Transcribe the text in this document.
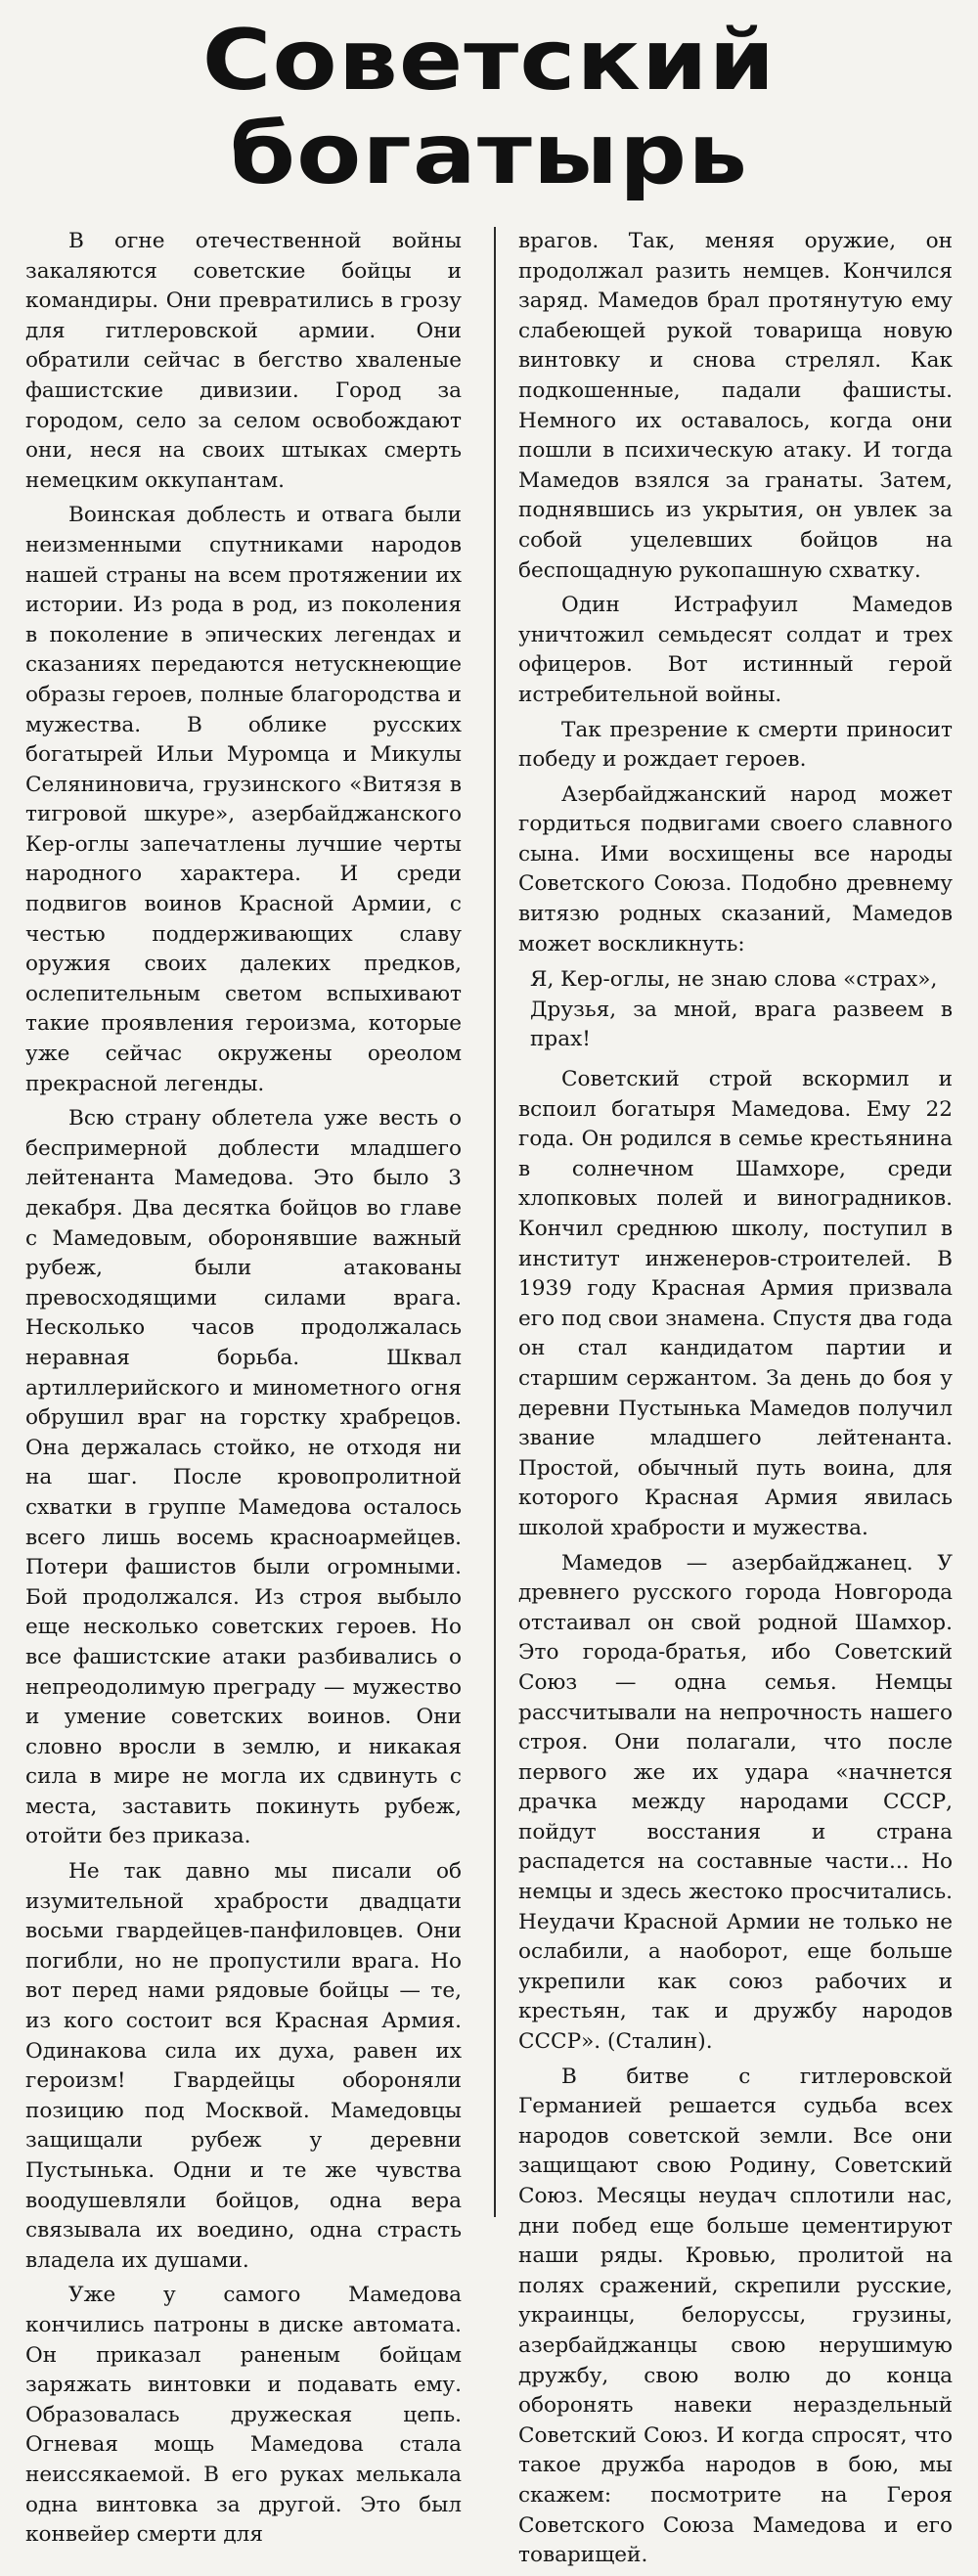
Советский
богатырь

В огне отечественной войны закаляются советские бойцы и командиры. Они превратились в грозу для гитлеровской армии. Они обратили сейчас в бегство хваленые фашистские дивизии. Город за городом, село за селом освобождают они, неся на своих штыках смерть немецким оккупантам.

Воинская доблесть и отвага были неизменными спутниками народов нашей страны на всем протяжении их истории. Из рода в род, из поколения в поколение в эпических легендах и сказаниях передаются нетускнеющие образы героев, полные благородства и мужества. В облике русских богатырей Ильи Муромца и Микулы Селяниновича, грузинского «Витязя в тигровой шкуре», азербайджанского Кер-оглы запечатлены лучшие черты народного характера. И среди подвигов воинов Красной Армии, с честью поддерживающих славу оружия своих далеких предков, ослепительным светом вспыхивают такие проявления героизма, которые уже сейчас окружены ореолом прекрасной легенды.

Всю страну облетела уже весть о беспримерной доблести младшего лейтенанта Мамедова. Это было 3 декабря. Два десятка бойцов во главе с Мамедовым, оборонявшие важный рубеж, были атакованы превосходящими силами врага. Несколько часов продолжалась неравная борьба. Шквал артиллерийского и минометного огня обрушил враг на горстку храбрецов. Она держалась стойко, не отходя ни на шаг. После кровопролитной схватки в группе Мамедова осталось всего лишь восемь красноармейцев. Потери фашистов были огромными. Бой продолжался. Из строя выбыло еще несколько советских героев. Но все фашистские атаки разбивались о непреодолимую преграду — мужество и умение советских воинов. Они словно вросли в землю, и никакая сила в мире не могла их сдвинуть с места, заставить покинуть рубеж, отойти без приказа.

Не так давно мы писали об изумительной храбрости двадцати восьми гвардейцев-панфиловцев. Они погибли, но не пропустили врага. Но вот перед нами рядовые бойцы — те, из кого состоит вся Красная Армия. Одинакова сила их духа, равен их героизм! Гвардейцы обороняли позицию под Москвой. Мамедовцы защищали рубеж у деревни Пустынька. Одни и те же чувства воодушевляли бойцов, одна вера связывала их воедино, одна страсть владела их душами.

Уже у самого Мамедова кончились патроны в диске автомата. Он приказал раненым бойцам заряжать винтовки и подавать ему. Образовалась дружеская цепь. Огневая мощь Мамедова стала неиссякаемой. В его руках мелькала одна винтовка за другой. Это был конвейер смерти для

врагов. Так, меняя оружие, он продолжал разить немцев. Кончился заряд. Мамедов брал протянутую ему слабеющей рукой товарища новую винтовку и снова стрелял. Как подкошенные, падали фашисты. Немного их оставалось, когда они пошли в психическую атаку. И тогда Мамедов взялся за гранаты. Затем, поднявшись из укрытия, он увлек за собой уцелевших бойцов на беспощадную рукопашную схватку.

Один Истрафуил Мамедов уничтожил семьдесят солдат и трех офицеров. Вот истинный герой истребительной войны.

Так презрение к смерти приносит победу и рождает героев.

Азербайджанский народ может гордиться подвигами своего славного сына. Ими восхищены все народы Советского Союза. Подобно древнему витязю родных сказаний, Мамедов может воскликнуть:

Я, Кер-оглы, не знаю слова «страх»,
Друзья, за мной, врага развеем в прах!

Советский строй вскормил и вспоил богатыря Мамедова. Ему 22 года. Он родился в семье крестьянина в солнечном Шамхоре, среди хлопковых полей и виноградников. Кончил среднюю школу, поступил в институт инженеров-строителей. В 1939 году Красная Армия призвала его под свои знамена. Спустя два года он стал кандидатом партии и старшим сержантом. За день до боя у деревни Пустынька Мамедов получил звание младшего лейтенанта. Простой, обычный путь воина, для которого Красная Армия явилась школой храбрости и мужества.

Мамедов — азербайджанец. У древнего русского города Новгорода отстаивал он свой родной Шамхор. Это города-братья, ибо Советский Союз — одна семья. Немцы рассчитывали на непрочность нашего строя. Они полагали, что после первого же их удара «начнется драчка между народами СССР, пойдут восстания и страна распадется на составные части... Но немцы и здесь жестоко просчитались. Неудачи Красной Армии не только не ослабили, а наоборот, еще больше укрепили как союз рабочих и крестьян, так и дружбу народов СССР». (Сталин).

В битве с гитлеровской Германией решается судьба всех народов советской земли. Все они защищают свою Родину, Советский Союз. Месяцы неудач сплотили нас, дни побед еще больше цементируют наши ряды. Кровью, пролитой на полях сражений, скрепили русские, украинцы, белоруссы, грузины, азербайджанцы свою нерушимую дружбу, свою волю до конца оборонять навеки нераздельный Советский Союз. И когда спросят, что такое дружба народов в бою, мы скажем: посмотрите на Героя Советского Союза Мамедова и его товарищей.
